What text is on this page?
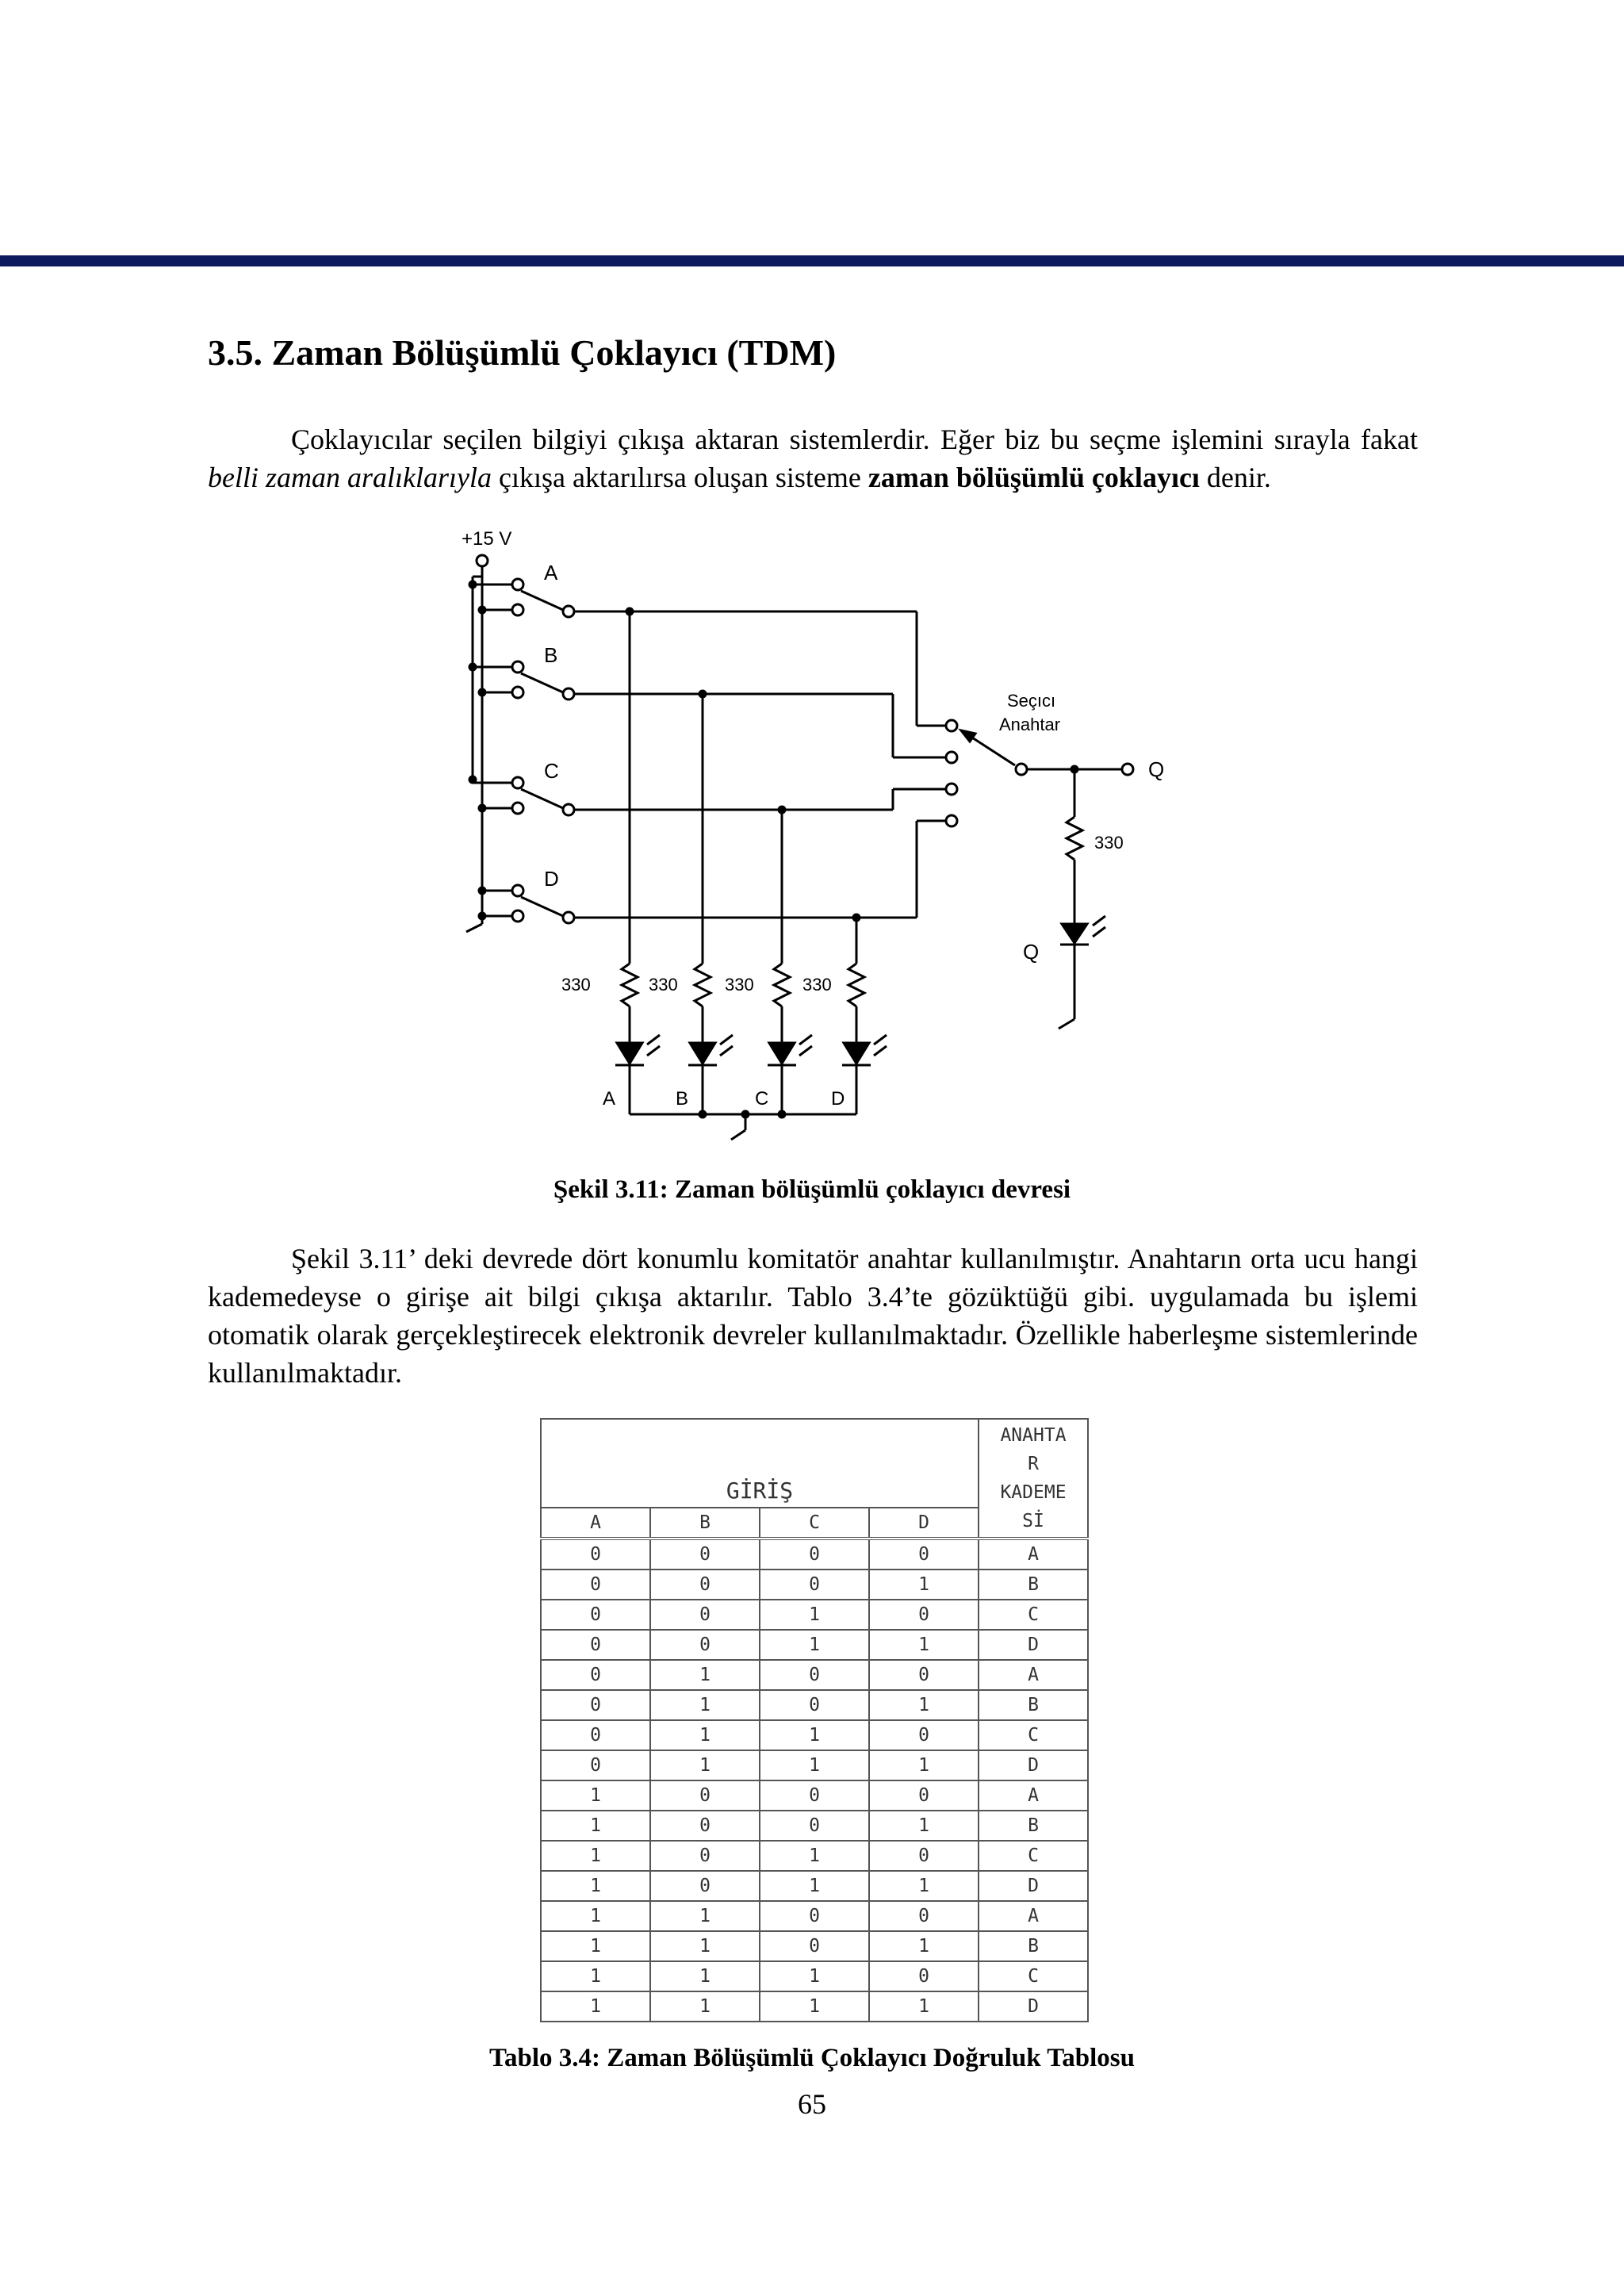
3.5. Zaman Bölüşümlü Çoklayıcı (TDM)

Çoklayıcılar seçilen bilgiyi çıkışa aktaran sistemlerdir. Eğer biz bu seçme işlemini sırayla fakat belli zaman aralıklarıyla çıkışa aktarılırsa oluşan sisteme zaman bölüşümlü çoklayıcı denir.

+15 V
A
B
C
D
Seçıcı
Anahtar
Q
330
Q
330	330	330	330
A	B	C	D

Şekil 3.11: Zaman bölüşümlü çoklayıcı devresi

Şekil 3.11’ deki devrede dört konumlu komitatör anahtar kullanılmıştır. Anahtarın orta ucu hangi kademedeyse o girişe ait bilgi çıkışa aktarılır. Tablo 3.4’te gözüktüğü gibi. uygulamada bu işlemi otomatik olarak gerçekleştirecek elektronik devreler kullanılmaktadır. Özellikle haberleşme sistemlerinde kullanılmaktadır.

GİRİŞ				ANAHTA
R
KADEME
Sİ

A	B	C	D	
0	0	0	0	A
0	0	0	1	B
0	0	1	0	C
0	0	1	1	D
0	1	0	0	A
0	1	0	1	B
0	1	1	0	C
0	1	1	1	D
1	0	0	0	A
1	0	0	1	B
1	0	1	0	C
1	0	1	1	D
1	1	0	0	A
1	1	0	1	B
1	1	1	0	C
1	1	1	1	D

Tablo 3.4: Zaman Bölüşümlü Çoklayıcı Doğruluk Tablosu

65
